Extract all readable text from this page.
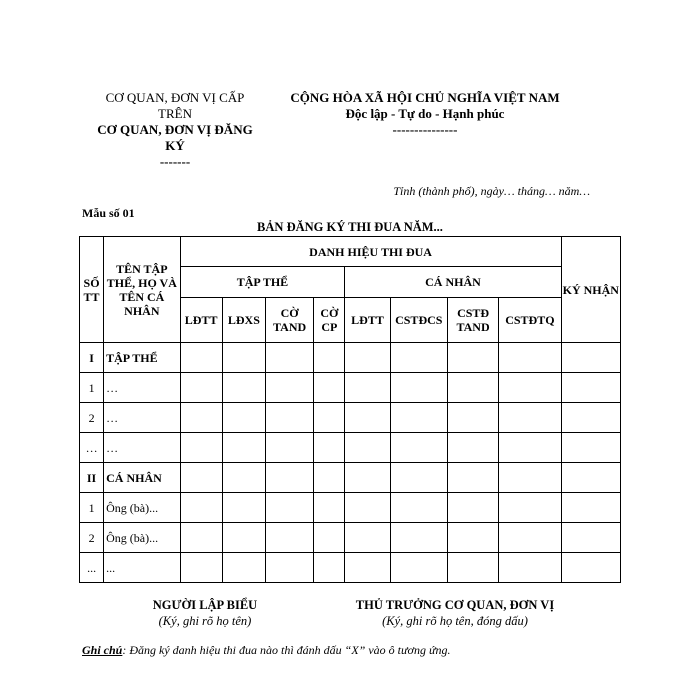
CƠ QUAN, ĐƠN VỊ CẤP
TRÊN
CƠ QUAN, ĐƠN VỊ ĐĂNG
KÝ
-------
CỘNG HÒA XÃ HỘI CHỦ NGHĨA VIỆT NAM
Độc lập - Tự do - Hạnh phúc
---------------
Tỉnh (thành phố), ngày… tháng… năm…
Mẫu số 01
BẢN ĐĂNG KÝ THI ĐUA NĂM...
SỐ TT	TÊN TẬP THỂ, HỌ VÀ TÊN CÁ NHÂN	DANH HIỆU THI ĐUA								KÝ NHẬN
		TẬP THỂ				CÁ NHÂN				
		LĐTT	LĐXS	CỜ TAND	CỜ CP	LĐTT	CSTĐCS	CSTĐ TAND	CSTĐTQ	
I	TẬP THỂ									
1	…									
2	…									
…	…									
II	CÁ NHÂN									
1	Ông (bà)...									
2	Ông (bà)...									
...	...									
NGƯỜI LẬP BIỂU
(Ký, ghi rõ họ tên)
THỦ TRƯỞNG CƠ QUAN, ĐƠN VỊ
(Ký, ghi rõ họ tên, đóng dấu)
Ghi chú: Đăng ký danh hiệu thi đua nào thì đánh dấu “X” vào ô tương ứng.
